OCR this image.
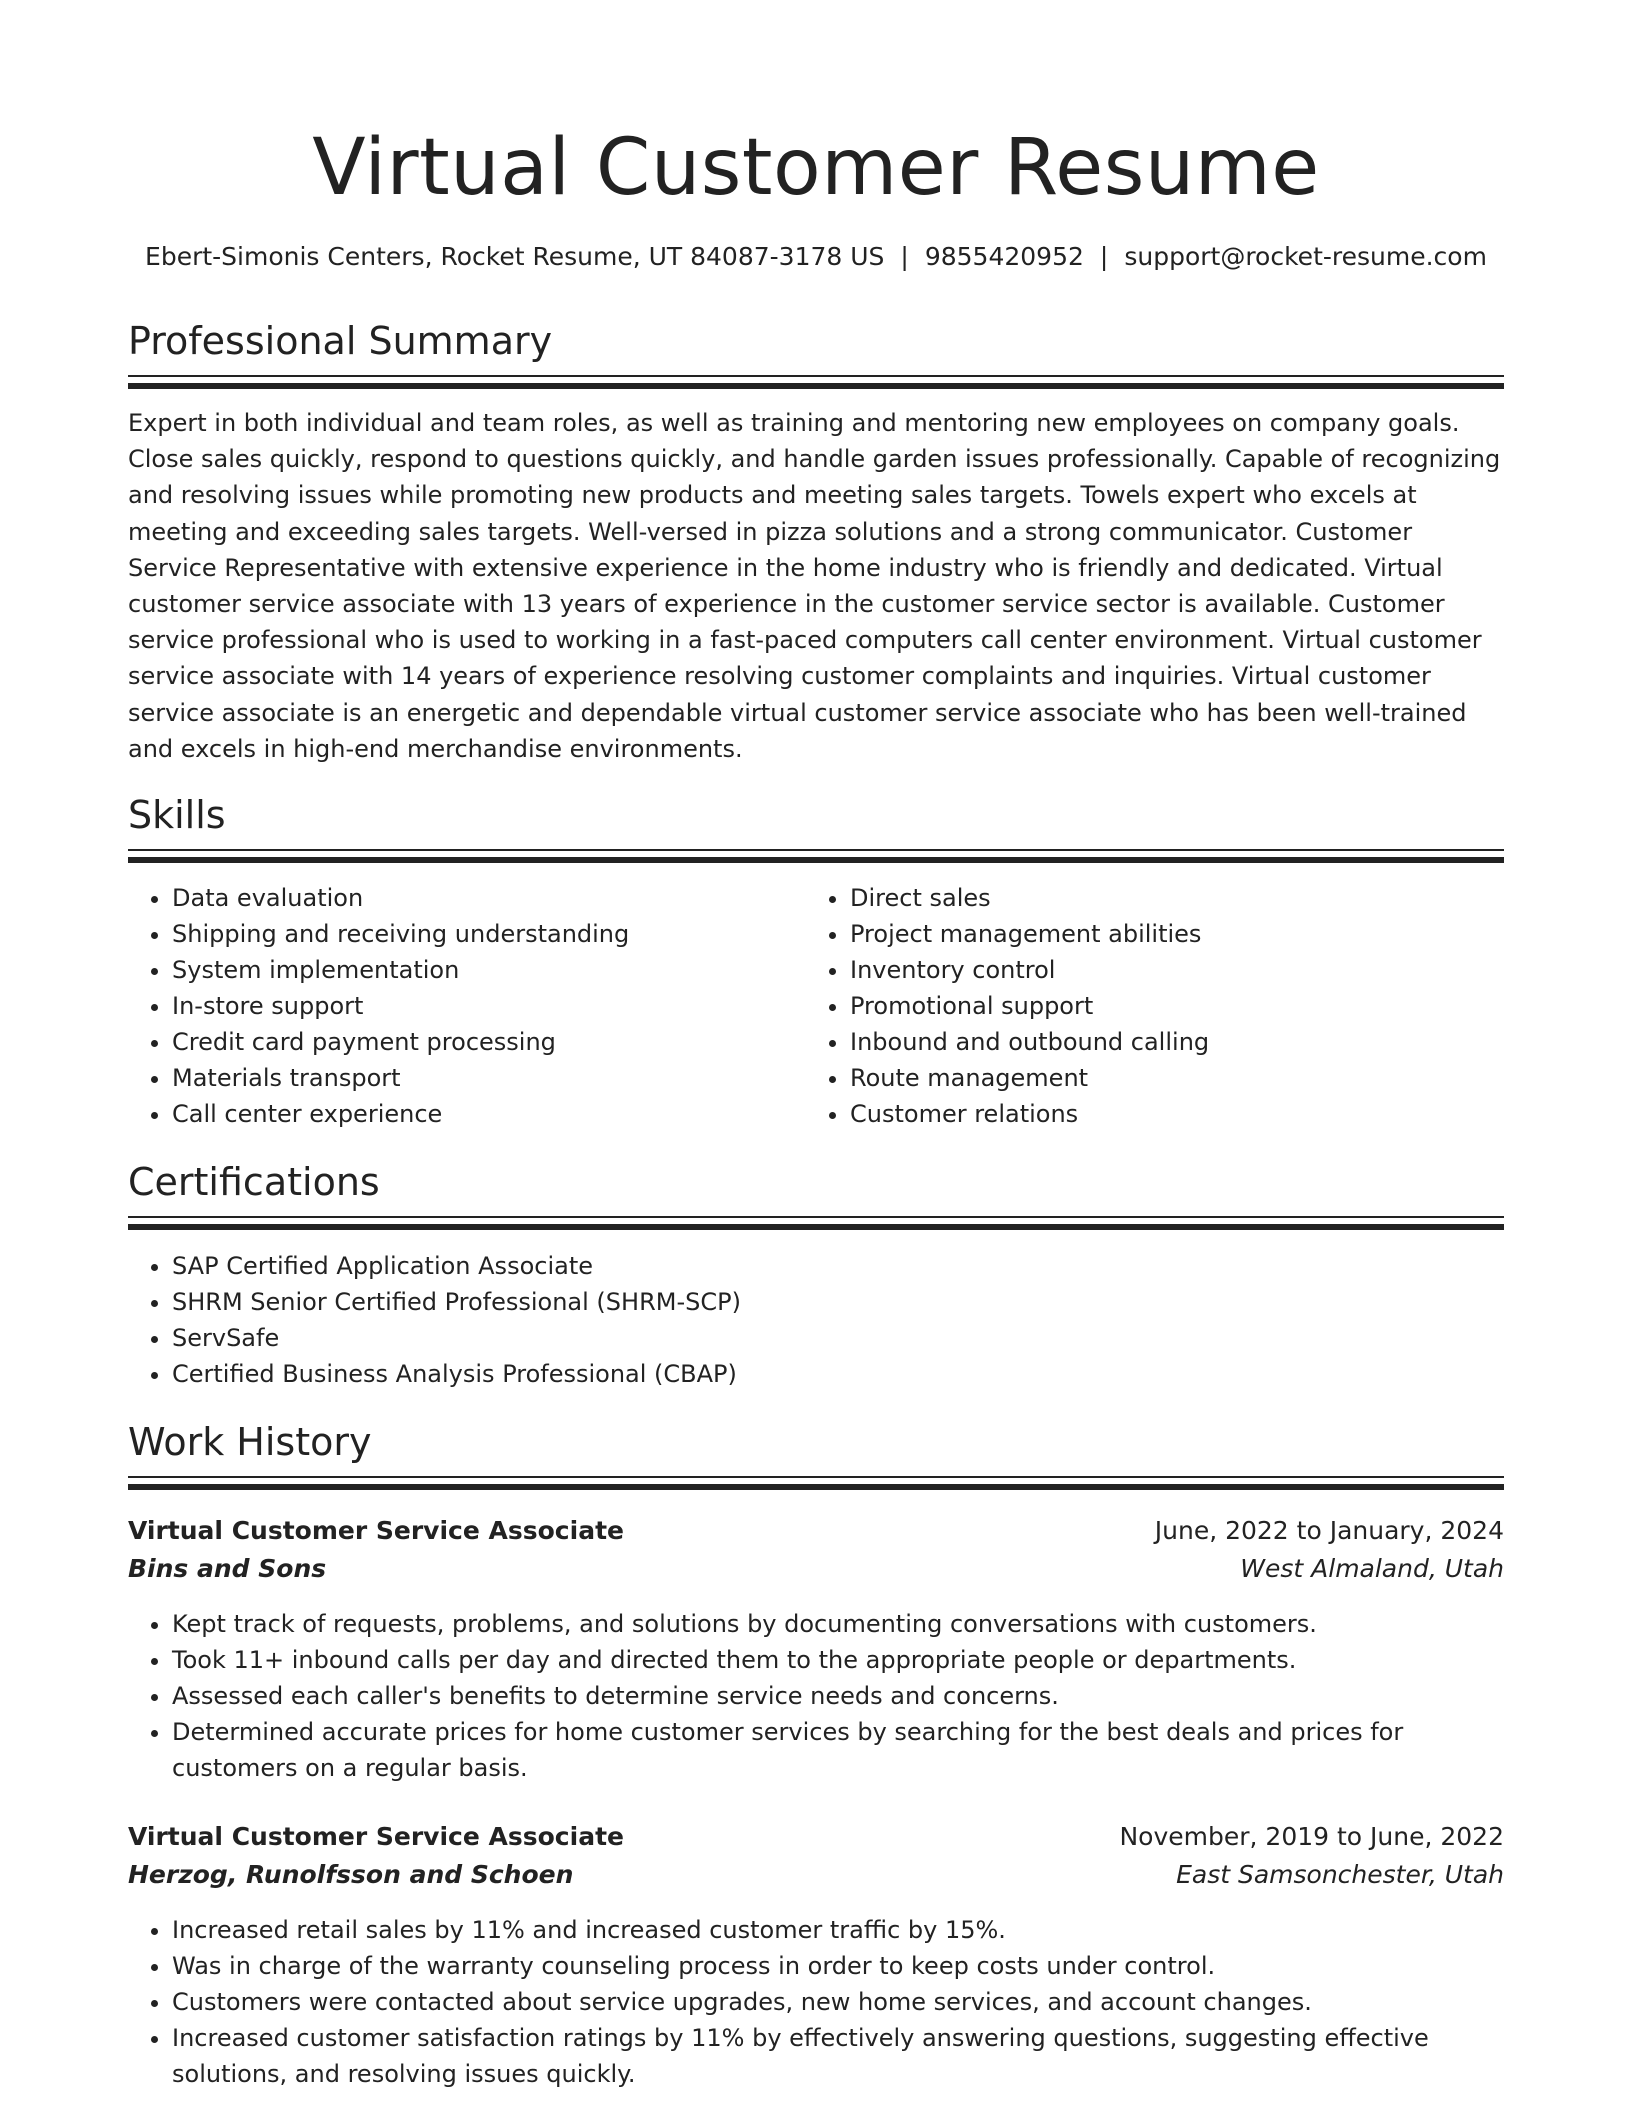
Virtual Customer Resume
Ebert-Simonis Centers, Rocket Resume, UT 84087-3178 US | 9855420952 | support@rocket-resume.com
Professional Summary

Expert in both individual and team roles, as well as training and mentoring new employees on company goals. Close sales quickly, respond to questions quickly, and handle garden issues professionally. Capable of recognizing and resolving issues while promoting new products and meeting sales targets. Towels expert who excels at meeting and exceeding sales targets. Well-versed in pizza solutions and a strong communicator. Customer Service Representative with extensive experience in the home industry who is friendly and dedicated. Virtual customer service associate with 13 years of experience in the customer service sector is available. Customer service professional who is used to working in a fast-paced computers call center environment. Virtual customer service associate with 14 years of experience resolving customer complaints and inquiries. Virtual customer service associate is an energetic and dependable virtual customer service associate who has been well-trained and excels in high-end merchandise environments.

Skills
• Data evaluation
• Shipping and receiving understanding
• System implementation
• In-store support
• Credit card payment processing
• Materials transport
• Call center experience
• Direct sales
• Project management abilities
• Inventory control
• Promotional support
• Inbound and outbound calling
• Route management
• Customer relations
Certifications
• SAP Certified Application Associate
• SHRM Senior Certified Professional (SHRM-SCP)
• ServSafe
• Certified Business Analysis Professional (CBAP)
Work History
Virtual Customer Service Associate	June, 2022 to January, 2024
Bins and Sons	West Almaland, Utah
• Kept track of requests, problems, and solutions by documenting conversations with customers.
• Took 11+ inbound calls per day and directed them to the appropriate people or departments.
• Assessed each caller's benefits to determine service needs and concerns.
• Determined accurate prices for home customer services by searching for the best deals and prices for customers on a regular basis.
Virtual Customer Service Associate	November, 2019 to June, 2022
Herzog, Runolfsson and Schoen	East Samsonchester, Utah
• Increased retail sales by 11% and increased customer traffic by 15%.
• Was in charge of the warranty counseling process in order to keep costs under control.
• Customers were contacted about service upgrades, new home services, and account changes.
• Increased customer satisfaction ratings by 11% by effectively answering questions, suggesting effective solutions, and resolving issues quickly.
